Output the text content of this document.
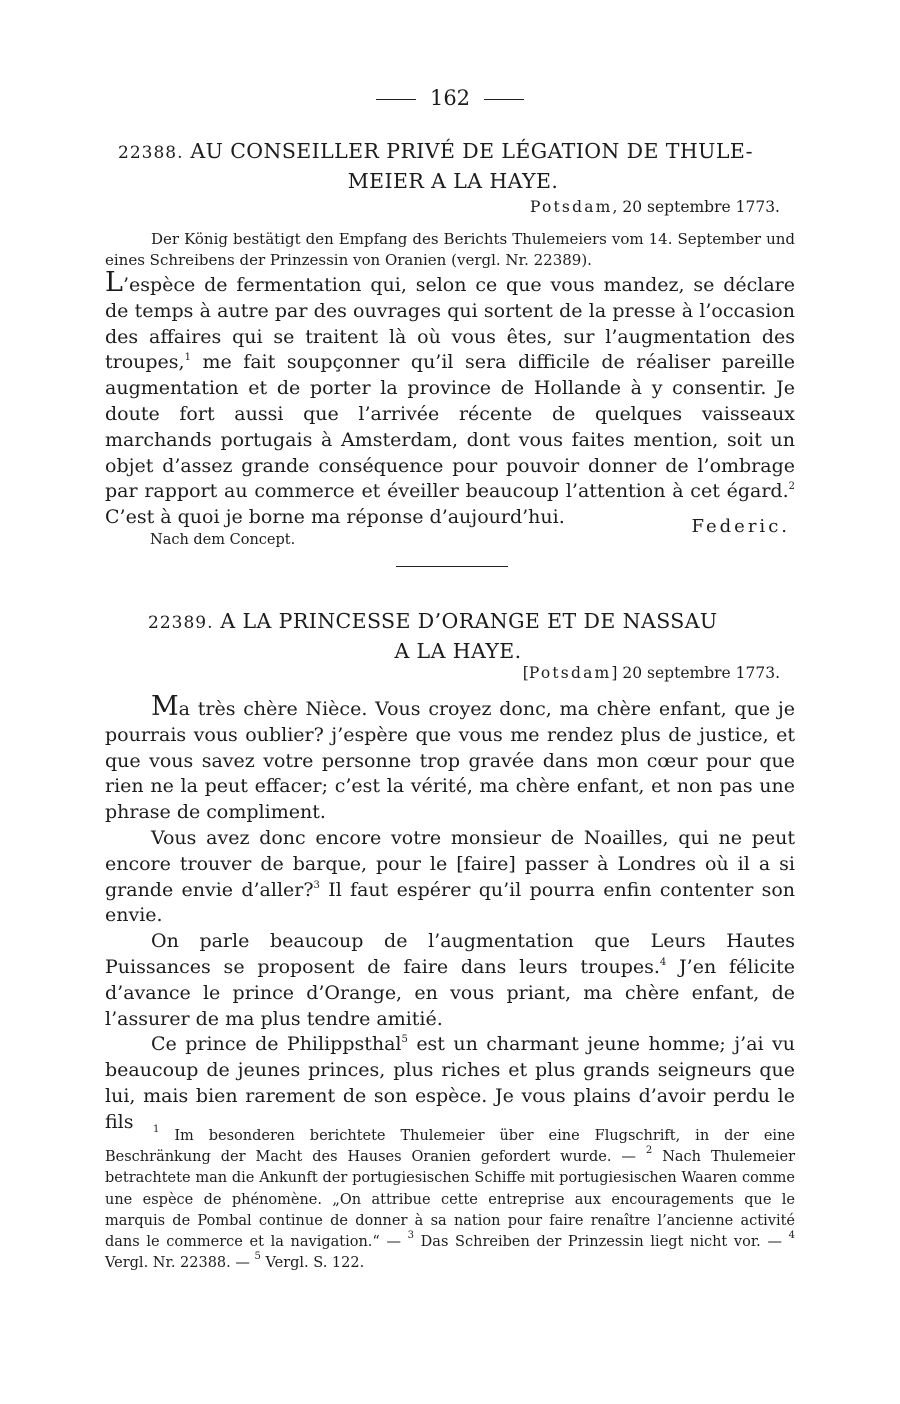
162
22388. AU CONSEILLER PRIVÉ DE LÉGATION DE THULE-
MEIER A LA HAYE.
Potsdam, 20 septembre 1773.
Der König bestätigt den Empfang des Berichts Thulemeiers vom 14. September und eines Schreibens der Prinzessin von Oranien (vergl. Nr. 22389).
L’espèce de fermentation qui, selon ce que vous mandez, se déclare de temps à autre par des ouvrages qui sortent de la presse à l’occasion des affaires qui se traitent là où vous êtes, sur l’augmentation des troupes,$^1$ me fait soupçonner qu’il sera difficile de réaliser pareille augmentation et de porter la province de Hollande à y consentir. Je doute fort aussi que l’arrivée récente de quelques vaisseaux marchands portugais à Amsterdam, dont vous faites mention, soit un objet d’assez grande conséquence pour pouvoir donner de l’ombrage par rapport au commerce et éveiller beaucoup l’attention à cet égard.$^2$ C’est à quoi je borne ma réponse d’aujourd’hui.	Federic.
Nach dem Concept.
22389. A LA PRINCESSE D’ORANGE ET DE NASSAU
A LA HAYE.
[Potsdam] 20 septembre 1773.
Ma très chère Nièce. Vous croyez donc, ma chère enfant, que je pourrais vous oublier? j’espère que vous me rendez plus de justice, et que vous savez votre personne trop gravée dans mon cœur pour que rien ne la peut effacer; c’est la vérité, ma chère enfant, et non pas une phrase de compliment.
Vous avez donc encore votre monsieur de Noailles, qui ne peut encore trouver de barque, pour le [faire] passer à Londres où il a si grande envie d’aller?$^3$ Il faut espérer qu’il pourra enfin contenter son envie.
On parle beaucoup de l’augmentation que Leurs Hautes Puissances se proposent de faire dans leurs troupes.$^4$ J’en félicite d’avance le prince d’Orange, en vous priant, ma chère enfant, de l’assurer de ma plus tendre amitié.
Ce prince de Philippsthal$^5$ est un charmant jeune homme; j’ai vu beaucoup de jeunes princes, plus riches et plus grands seigneurs que lui, mais bien rarement de son espèce. Je vous plains d’avoir perdu le fils	$^1$ Im besonderen berichtete Thulemeier über eine Flugschrift, in der eine Beschränkung der Macht des Hauses Oranien gefordert wurde. — $^2$ Nach Thulemeier betrachtete man die Ankunft der portugiesischen Schiffe mit portugiesischen Waaren comme une espèce de phénomène. „On attribue cette entreprise aux encouragements que le marquis de Pombal continue de donner à sa nation pour faire renaître l’ancienne activité dans le commerce et la navigation.“ — $^3$ Das Schreiben der Prinzessin liegt nicht vor. — $^4$ Vergl. Nr. 22388. — $^5$ Vergl. S. 122.
